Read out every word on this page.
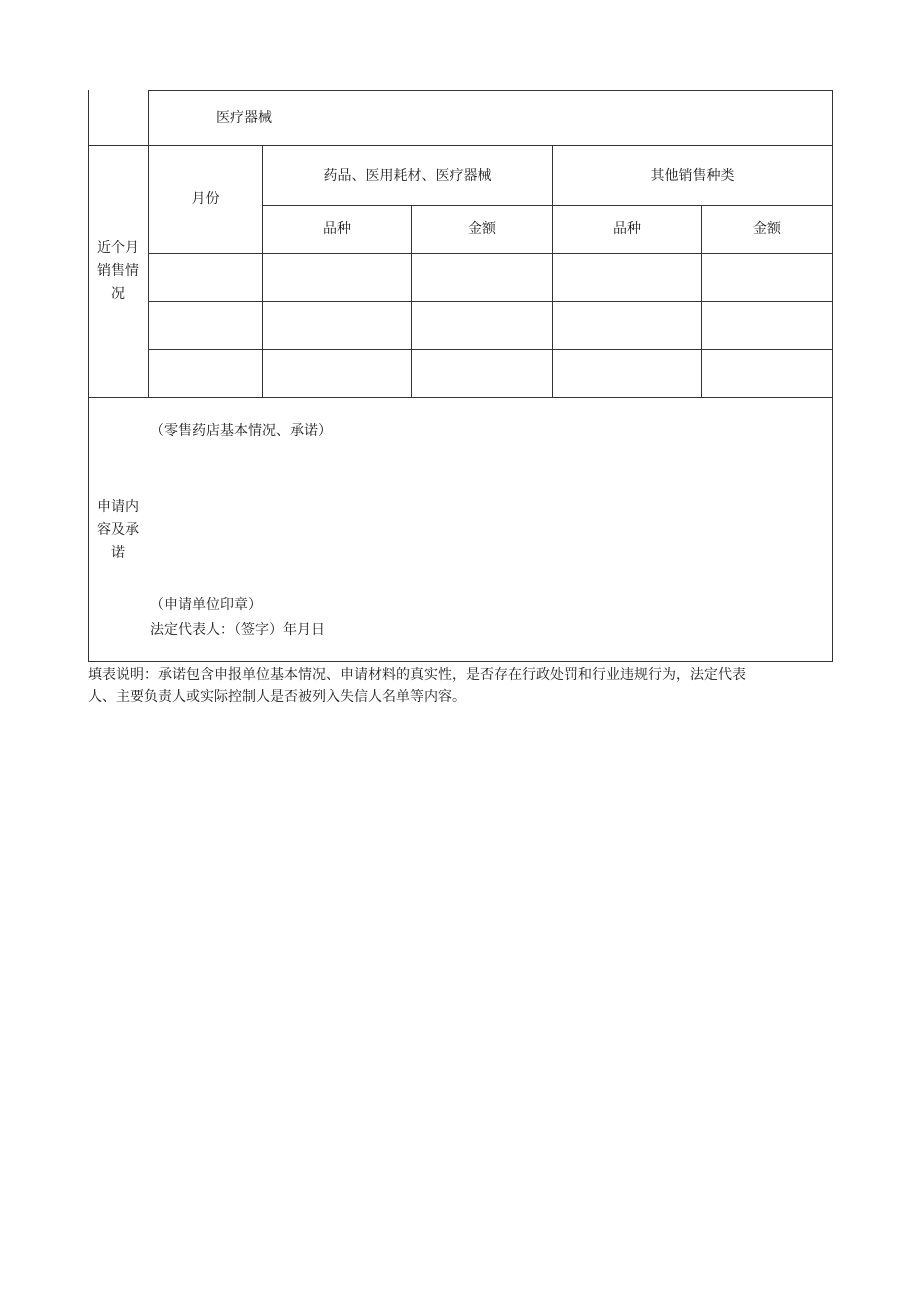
医疗器械
近个月
销售情
况
月份
药品、医用耗材、医疗器械	其他销售种类
品种	金额	品种	金额
申请内
容及承
诺
（零售药店基本情况、承诺）
（申请单位印章）
法定代表人：（签字）年月日
填表说明：承诺包含申报单位基本情况、申请材料的真实性，是否存在行政处罚和行业违规行为，法定代表
人、主要负责人或实际控制人是否被列入失信人名单等内容。
